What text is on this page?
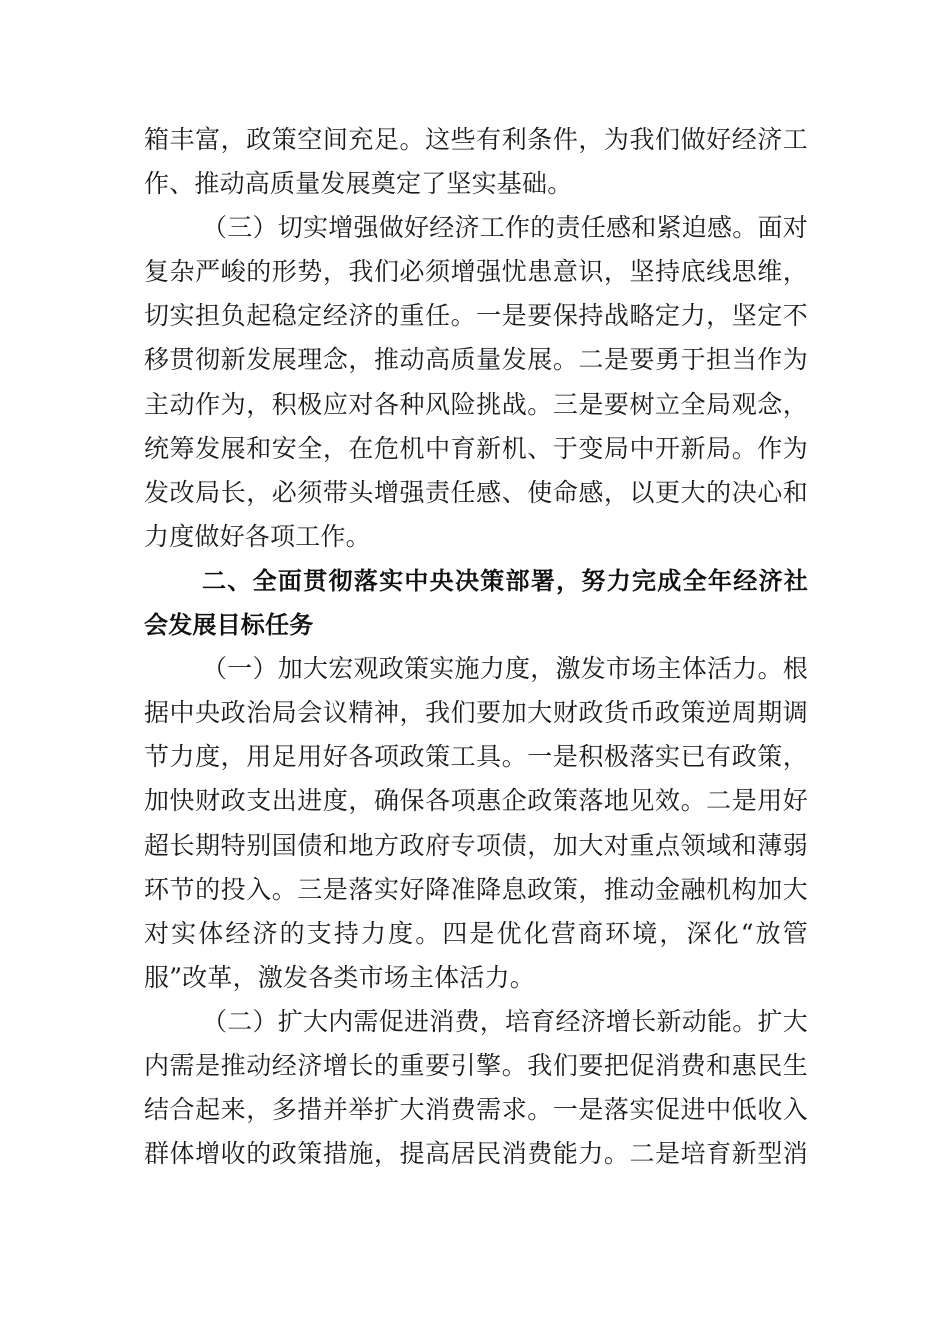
箱丰富，政策空间充足。这些有利条件，为我们做好经济工
作、推动高质量发展奠定了坚实基础。
（三）切实增强做好经济工作的责任感和紧迫感。面对
复杂严峻的形势，我们必须增强忧患意识，坚持底线思维，
切实担负起稳定经济的重任。一是要保持战略定力，坚定不
移贯彻新发展理念，推动高质量发展。二是要勇于担当作为
主动作为，积极应对各种风险挑战。三是要树立全局观念，
统筹发展和安全，在危机中育新机、于变局中开新局。作为
发改局长，必须带头增强责任感、使命感，以更大的决心和
力度做好各项工作。
二、全面贯彻落实中央决策部署，努力完成全年经济社
会发展目标任务
（一）加大宏观政策实施力度，激发市场主体活力。根
据中央政治局会议精神，我们要加大财政货币政策逆周期调
节力度，用足用好各项政策工具。一是积极落实已有政策，
加快财政支出进度，确保各项惠企政策落地见效。二是用好
超长期特别国债和地方政府专项债，加大对重点领域和薄弱
环节的投入。三是落实好降准降息政策，推动金融机构加大
对实体经济的支持力度。四是优化营商环境，深化“放管
服”改革，激发各类市场主体活力。
（二）扩大内需促进消费，培育经济增长新动能。扩大
内需是推动经济增长的重要引擎。我们要把促消费和惠民生
结合起来，多措并举扩大消费需求。一是落实促进中低收入
群体增收的政策措施，提高居民消费能力。二是培育新型消
